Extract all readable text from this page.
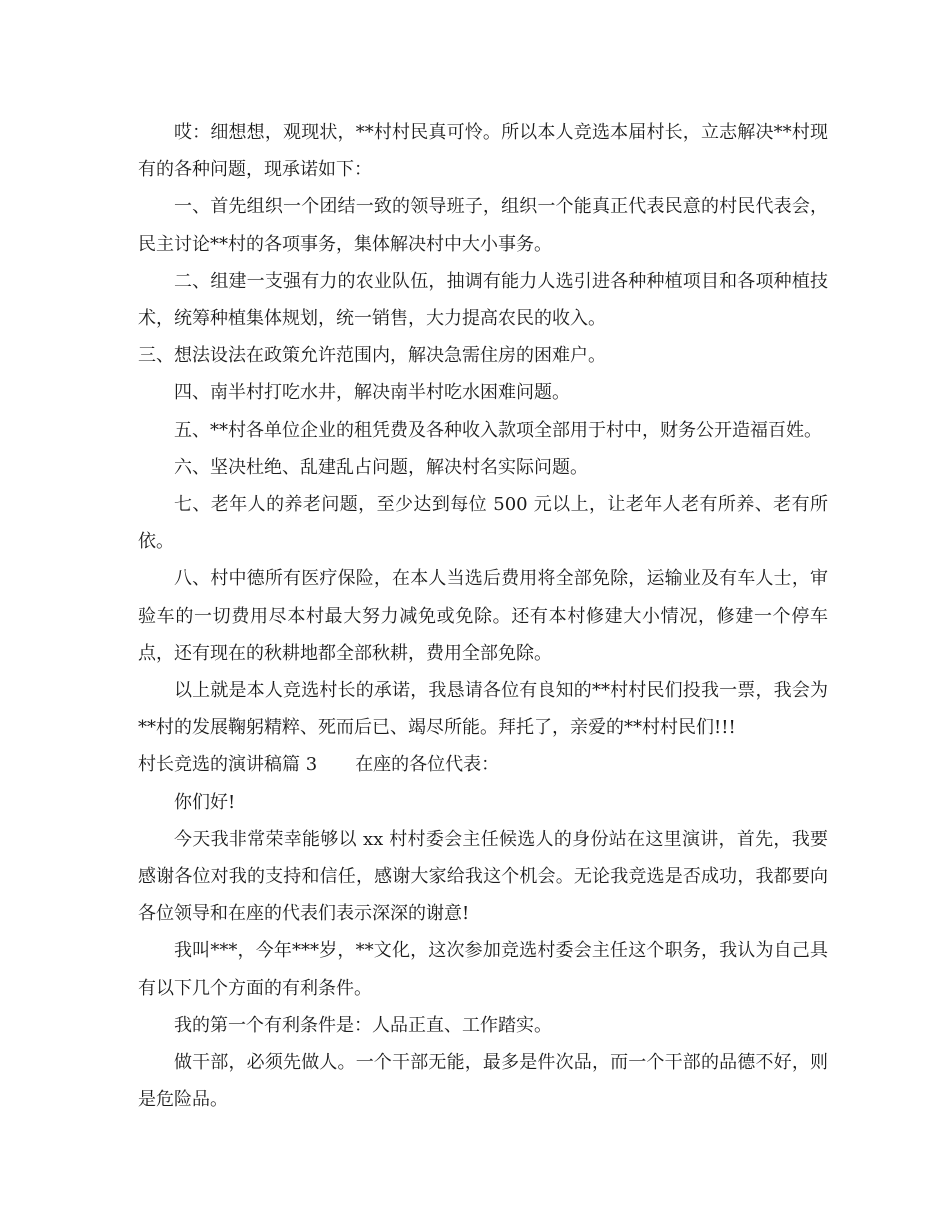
哎：细想想，观现状，**村村民真可怜。所以本人竞选本届村长，立志解决**村现有的各种问题，现承诺如下：

一、首先组织一个团结一致的领导班子，组织一个能真正代表民意的村民代表会，民主讨论**村的各项事务，集体解决村中大小事务。

二、组建一支强有力的农业队伍，抽调有能力人选引进各种种植项目和各项种植技术，统筹种植集体规划，统一销售，大力提高农民的收入。

三、想法设法在政策允许范围内，解决急需住房的困难户。

四、南半村打吃水井，解决南半村吃水困难问题。

五、**村各单位企业的租凭费及各种收入款项全部用于村中，财务公开造福百姓。

六、坚决杜绝、乱建乱占问题，解决村名实际问题。

七、老年人的养老问题，至少达到每位 500 元以上，让老年人老有所养、老有所依。

八、村中德所有医疗保险，在本人当选后费用将全部免除，运输业及有车人士，审验车的一切费用尽本村最大努力减免或免除。还有本村修建大小情况，修建一个停车点，还有现在的秋耕地都全部秋耕，费用全部免除。

以上就是本人竞选村长的承诺，我恳请各位有良知的**村村民们投我一票，我会为**村的发展鞠躬精粹、死而后已、竭尽所能。拜托了，亲爱的**村村民们!!!

村长竞选的演讲稿篇 3 在座的各位代表：

你们好!

今天我非常荣幸能够以 xx 村村委会主任候选人的身份站在这里演讲，首先，我要感谢各位对我的支持和信任，感谢大家给我这个机会。无论我竞选是否成功，我都要向各位领导和在座的代表们表示深深的谢意!

我叫***，今年***岁，**文化，这次参加竞选村委会主任这个职务，我认为自己具有以下几个方面的有利条件。

我的第一个有利条件是：人品正直、工作踏实。

做干部，必须先做人。一个干部无能，最多是件次品，而一个干部的品德不好，则是危险品。
